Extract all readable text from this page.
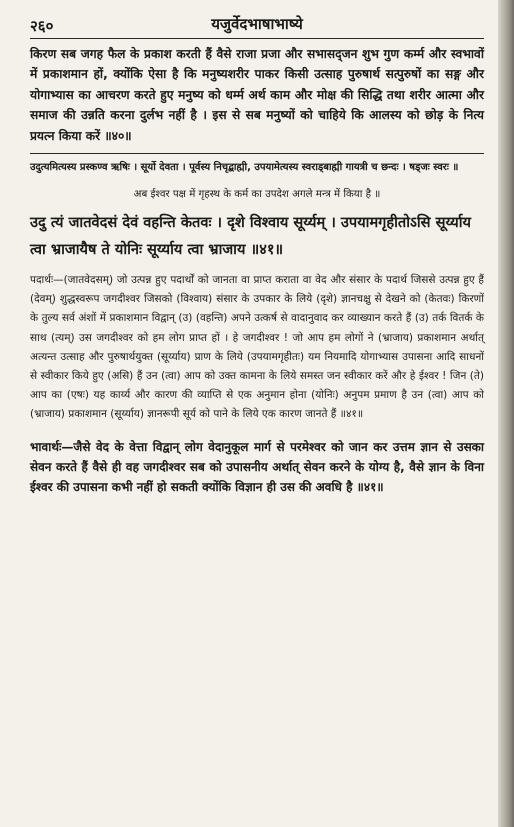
२६०	यजुर्वेदभाषाभाष्ये

किरण सब जगह फैल के प्रकाश करती हैं वैसे राजा प्रजा और सभासद्‌जन शुभ गुण कर्म्म और स्वभावों में प्रकाशमान हों, क्योंकि ऐसा है कि मनुष्यशरीर पाकर किसी उत्साह पुरुषार्थ सत्पुरुषों का सङ्ग और योगाभ्यास का आचरण करते हुए मनुष्य को धर्म्म अर्थ काम और मोक्ष की सिद्धि तथा शरीर आत्मा और समाज की उन्नति करना दुर्लभ नहीं है । इस से सब मनुष्यों को चाहिये कि आलस्य को छोड़ के नित्य प्रयत्न किया करें ॥४०॥

उदुत्यमित्यस्य प्रस्कण्व ऋषिः । सूर्यो देवता । पूर्वस्य निचृद्बाह्मी, उपयामेत्यस्य स्वराड्बाह्मी गायत्री च छन्दः । षड्‌जः स्वरः ॥

अब ईश्वर पक्ष में गृहस्थ के कर्म का उपदेश अगले मन्त्र में किया है ॥

उदु त्यं जातवेदसं देवं वहन्ति केतवः । दृशे विश्वाय सूर्य्यम् । उपयामगृहीतोऽसि सूर्य्याय त्वा भ्राजायैष ते योनिः सूर्य्याय त्वा भ्राजाय ॥४१॥

पदार्थः—(जातवेदसम्) जो उत्पन्न हुए पदार्थों को जानता वा प्राप्त कराता वा वेद और संसार के पदार्थ जिससे उत्पन्न हुए हैं (देवम्) शुद्धस्वरूप जगदीश्वर जिसको (विश्वाय) संसार के उपकार के लिये (दृशे) ज्ञानचक्षु से देखने को (केतवः) किरणों के तुल्य सर्व अंशों में प्रकाशमान विद्वान् (उ) (वहन्ति) अपने उत्कर्ष से वादानुवाद कर व्याख्यान करते हैं (उ) तर्क वितर्क के साथ (त्यम्) उस जगदीश्वर को हम लोग प्राप्त हों । हे जगदीश्वर ! जो आप हम लोगों ने (भ्राजाय) प्रकाशमान अर्थात् अत्यन्त उत्साह और पुरुषार्थयुक्त (सूर्य्याय) प्राण के लिये (उपयामगृहीतः) यम नियमादि योगाभ्यास उपासना आदि साधनों से स्वीकार किये हुए (असि) हैं उन (त्वा) आप को उक्त कामना के लिये समस्त जन स्वीकार करें और हे ईश्वर ! जिन (ते) आप का (एषः) यह कार्य्य और कारण की व्याप्ति से एक अनुमान होना (योनिः) अनुपम प्रमाण है उन (त्वा) आप को (भ्राजाय) प्रकाशमान (सूर्य्याय) ज्ञानरूपी सूर्य को पाने के लिये एक कारण जानते हैं ॥४१॥

भावार्थः—जैसे वेद के वेत्ता विद्वान् लोग वेदानुकूल मार्ग से परमेश्वर को जान कर उत्तम ज्ञान से उसका सेवन करते हैं वैसे ही वह जगदीश्वर सब को उपासनीय अर्थात् सेवन करने के योग्य है, वैसे ज्ञान के विना ईश्वर की उपासना कभी नहीं हो सकती क्योंकि विज्ञान ही उस की अवधि है ॥४१॥
